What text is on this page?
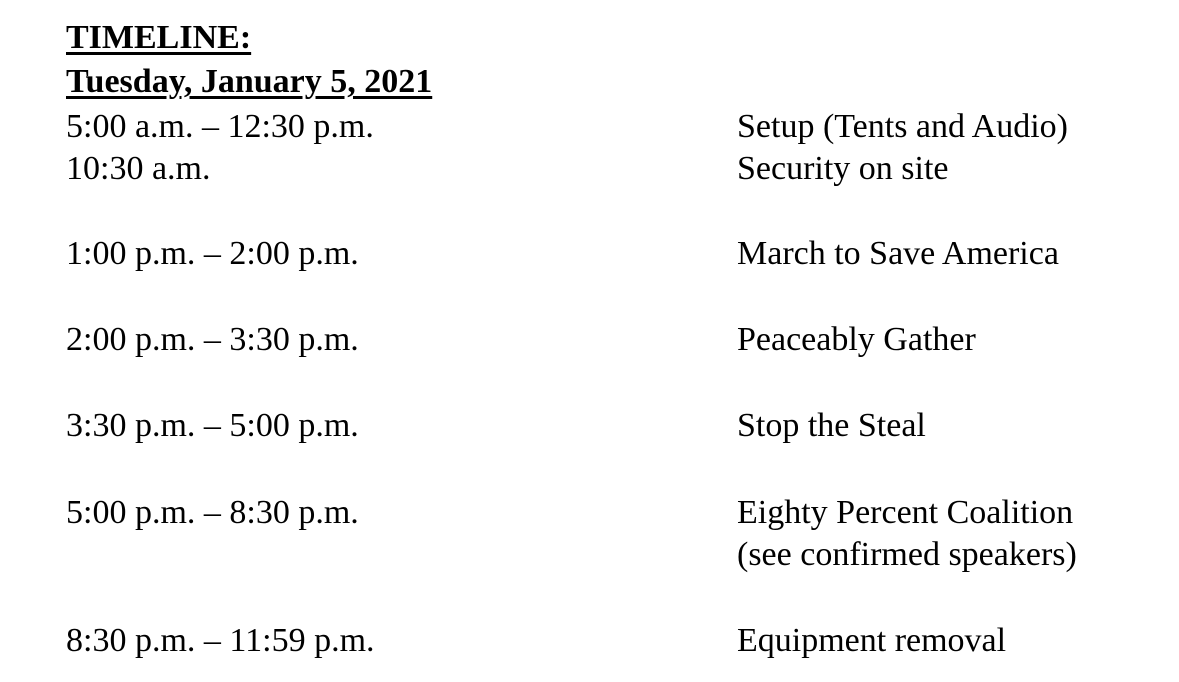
TIMELINE:
Tuesday, January 5, 2021
5:00 a.m. – 12:30 p.m.	Setup (Tents and Audio)
10:30 a.m.	Security on site
1:00 p.m. – 2:00 p.m.	March to Save America
2:00 p.m. – 3:30 p.m.	Peaceably Gather
3:30 p.m. – 5:00 p.m.	Stop the Steal
5:00 p.m. – 8:30 p.m.	Eighty Percent Coalition
(see confirmed speakers)
8:30 p.m. – 11:59 p.m.	Equipment removal
